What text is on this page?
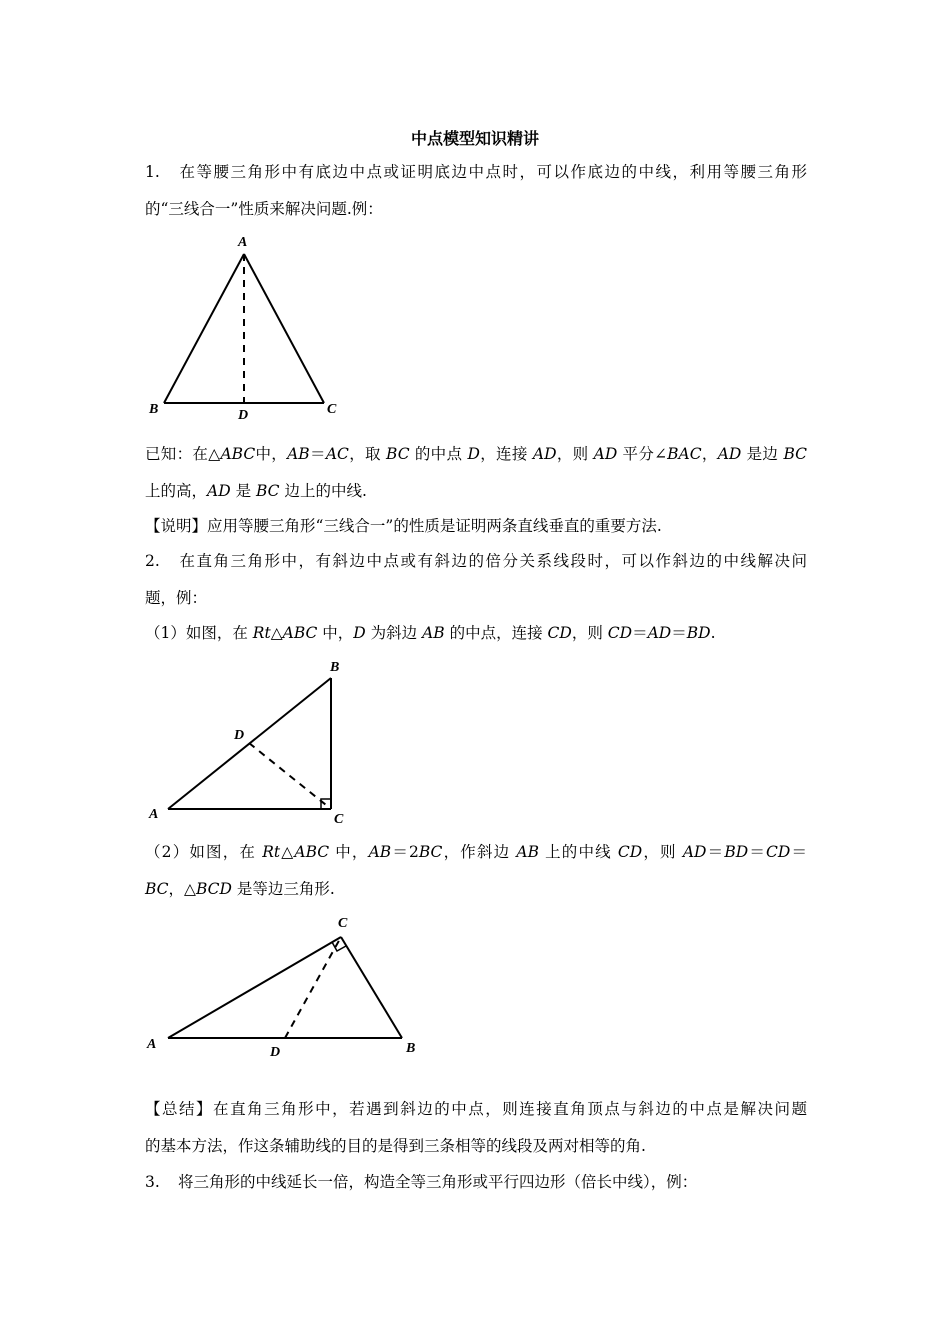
中点模型知识精讲
1. 在等腰三角形中有底边中点或证明底边中点时，可以作底边的中线，利用等腰三角形
的“三线合一”性质来解决问题.例：
A
B	C
D
已知：在△ABC中，AB＝AC，取 BC 的中点 D，连接 AD，则 AD 平分∠BAC，AD 是边 BC
上的高，AD 是 BC 边上的中线.
【说明】应用等腰三角形“三线合一”的性质是证明两条直线垂直的重要方法.
2. 在直角三角形中，有斜边中点或有斜边的倍分关系线段时，可以作斜边的中线解决问
题，例：
（1）如图，在 Rt△ABC 中，D 为斜边 AB 的中点，连接 CD，则 CD＝AD＝BD.
B
D
A	C
（2）如图，在 Rt△ABC 中，AB＝2BC，作斜边 AB 上的中线 CD，则 AD＝BD＝CD＝
BC，△BCD 是等边三角形.
C
A
D	B
【总结】在直角三角形中，若遇到斜边的中点，则连接直角顶点与斜边的中点是解决问题
的基本方法，作这条辅助线的目的是得到三条相等的线段及两对相等的角.
3. 将三角形的中线延长一倍，构造全等三角形或平行四边形（倍长中线），例：
